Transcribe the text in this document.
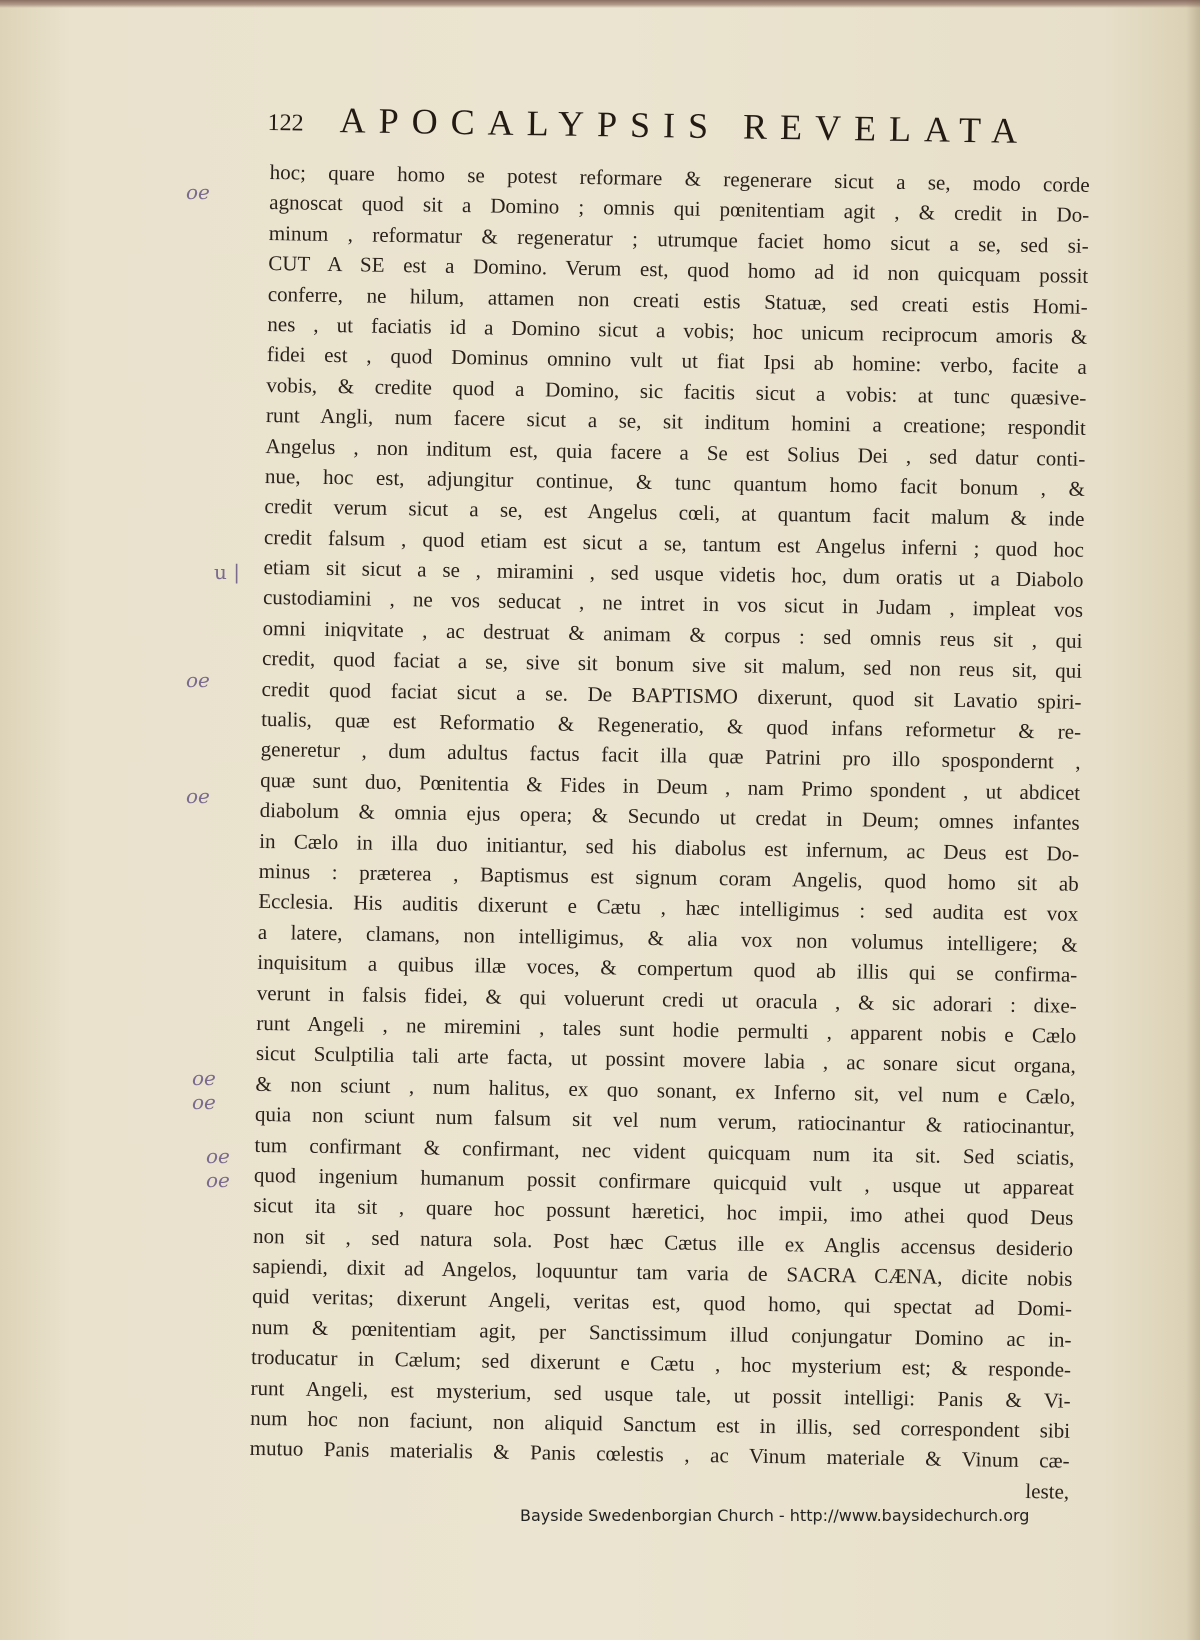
122 APOCALYPSIS REVELATA
hoc; quare homo se potest reformare & regenerare sicut a se, modo corde
agnoscat quod sit a Domino ; omnis qui pœnitentiam agit , & credit in Do-
minum , reformatur & regeneratur ; utrumque faciet homo sicut a se, sed si-
CUT A SE est a Domino. Verum est, quod homo ad id non quicquam possit
conferre, ne hilum, attamen non creati estis Statuæ, sed creati estis Homi-
nes , ut faciatis id a Domino sicut a vobis; hoc unicum reciprocum amoris &
fidei est , quod Dominus omnino vult ut fiat Ipsi ab homine: verbo, facite a
vobis, & credite quod a Domino, sic facitis sicut a vobis: at tunc quæsive-
runt Angli, num facere sicut a se, sit inditum homini a creatione; respondit
Angelus , non inditum est, quia facere a Se est Solius Dei , sed datur conti-
nue, hoc est, adjungitur continue, & tunc quantum homo facit bonum , &
credit verum sicut a se, est Angelus cœli, at quantum facit malum & inde
credit falsum , quod etiam est sicut a se, tantum est Angelus inferni ; quod hoc
etiam sit sicut a se , miramini , sed usque videtis hoc, dum oratis ut a Diabolo
custodiamini , ne vos seducat , ne intret in vos sicut in Judam , impleat vos
omni iniqvitate , ac destruat & animam & corpus : sed omnis reus sit , qui
credit, quod faciat a se, sive sit bonum sive sit malum, sed non reus sit, qui
credit quod faciat sicut a se. De BAPTISMO dixerunt, quod sit Lavatio spiri-
tualis, quæ est Reformatio & Regeneratio, & quod infans reformetur & re-
generetur , dum adultus factus facit illa quæ Patrini pro illo spospondernt ,
quæ sunt duo, Pœnitentia & Fides in Deum , nam Primo spondent , ut abdicet
diabolum & omnia ejus opera; & Secundo ut credat in Deum; omnes infantes
in Cælo in illa duo initiantur, sed his diabolus est infernum, ac Deus est Do-
minus : præterea , Baptismus est signum coram Angelis, quod homo sit ab
Ecclesia. His auditis dixerunt e Cætu , hæc intelligimus : sed audita est vox
a latere, clamans, non intelligimus, & alia vox non volumus intelligere; &
inquisitum a quibus illæ voces, & compertum quod ab illis qui se confirma-
verunt in falsis fidei, & qui voluerunt credi ut oracula , & sic adorari : dixe-
runt Angeli , ne miremini , tales sunt hodie permulti , apparent nobis e Cælo
sicut Sculptilia tali arte facta, ut possint movere labia , ac sonare sicut organa,
& non sciunt , num halitus, ex quo sonant, ex Inferno sit, vel num e Cælo,
quia non sciunt num falsum sit vel num verum, ratiocinantur & ratiocinantur,
tum confirmant & confirmant, nec vident quicquam num ita sit. Sed sciatis,
quod ingenium humanum possit confirmare quicquid vult , usque ut appareat
sicut ita sit , quare hoc possunt hæretici, hoc impii, imo athei quod Deus
non sit , sed natura sola. Post hæc Cætus ille ex Anglis accensus desiderio
sapiendi, dixit ad Angelos, loquuntur tam varia de SACRA CÆNA, dicite nobis
quid veritas; dixerunt Angeli, veritas est, quod homo, qui spectat ad Domi-
num & pœnitentiam agit, per Sanctissimum illud conjungatur Domino ac in-
troducatur in Cælum; sed dixerunt e Cætu , hoc mysterium est; & responde-
runt Angeli, est mysterium, sed usque tale, ut possit intelligi: Panis & Vi-
num hoc non faciunt, non aliquid Sanctum est in illis, sed correspondent sibi
mutuo Panis materialis & Panis cœlestis , ac Vinum materiale & Vinum cæ-
leste,
oe
u |
oe
oe
oe
oe
oe
oe
Bayside Swedenborgian Church - http://www.baysidechurch.org
